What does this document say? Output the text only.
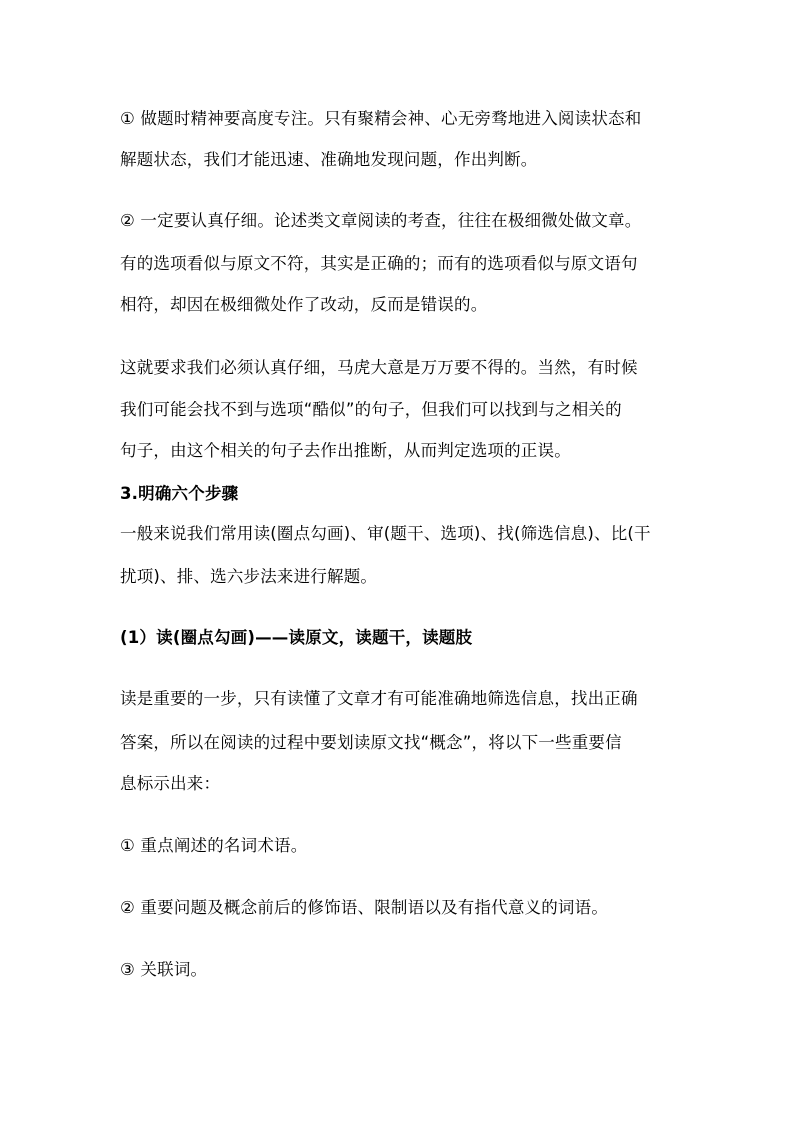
① 做题时精神要高度专注。只有聚精会神、心无旁骛地进入阅读状态和
解题状态，我们才能迅速、准确地发现问题，作出判断。
② 一定要认真仔细。论述类文章阅读的考查，往往在极细微处做文章。
有的选项看似与原文不符，其实是正确的；而有的选项看似与原文语句
相符，却因在极细微处作了改动，反而是错误的。
这就要求我们必须认真仔细，马虎大意是万万要不得的。当然，有时候
我们可能会找不到与选项“酷似”的句子，但我们可以找到与之相关的
句子，由这个相关的句子去作出推断，从而判定选项的正误。
3.明确六个步骤
一般来说我们常用读(圈点勾画)、审(题干、选项)、找(筛选信息)、比(干
扰项)、排、选六步法来进行解题。
(1）读(圈点勾画)——读原文，读题干，读题肢
读是重要的一步，只有读懂了文章才有可能准确地筛选信息，找出正确
答案，所以在阅读的过程中要划读原文找“概念”，将以下一些重要信
息标示出来：
① 重点阐述的名词术语。
② 重要问题及概念前后的修饰语、限制语以及有指代意义的词语。
③ 关联词。
